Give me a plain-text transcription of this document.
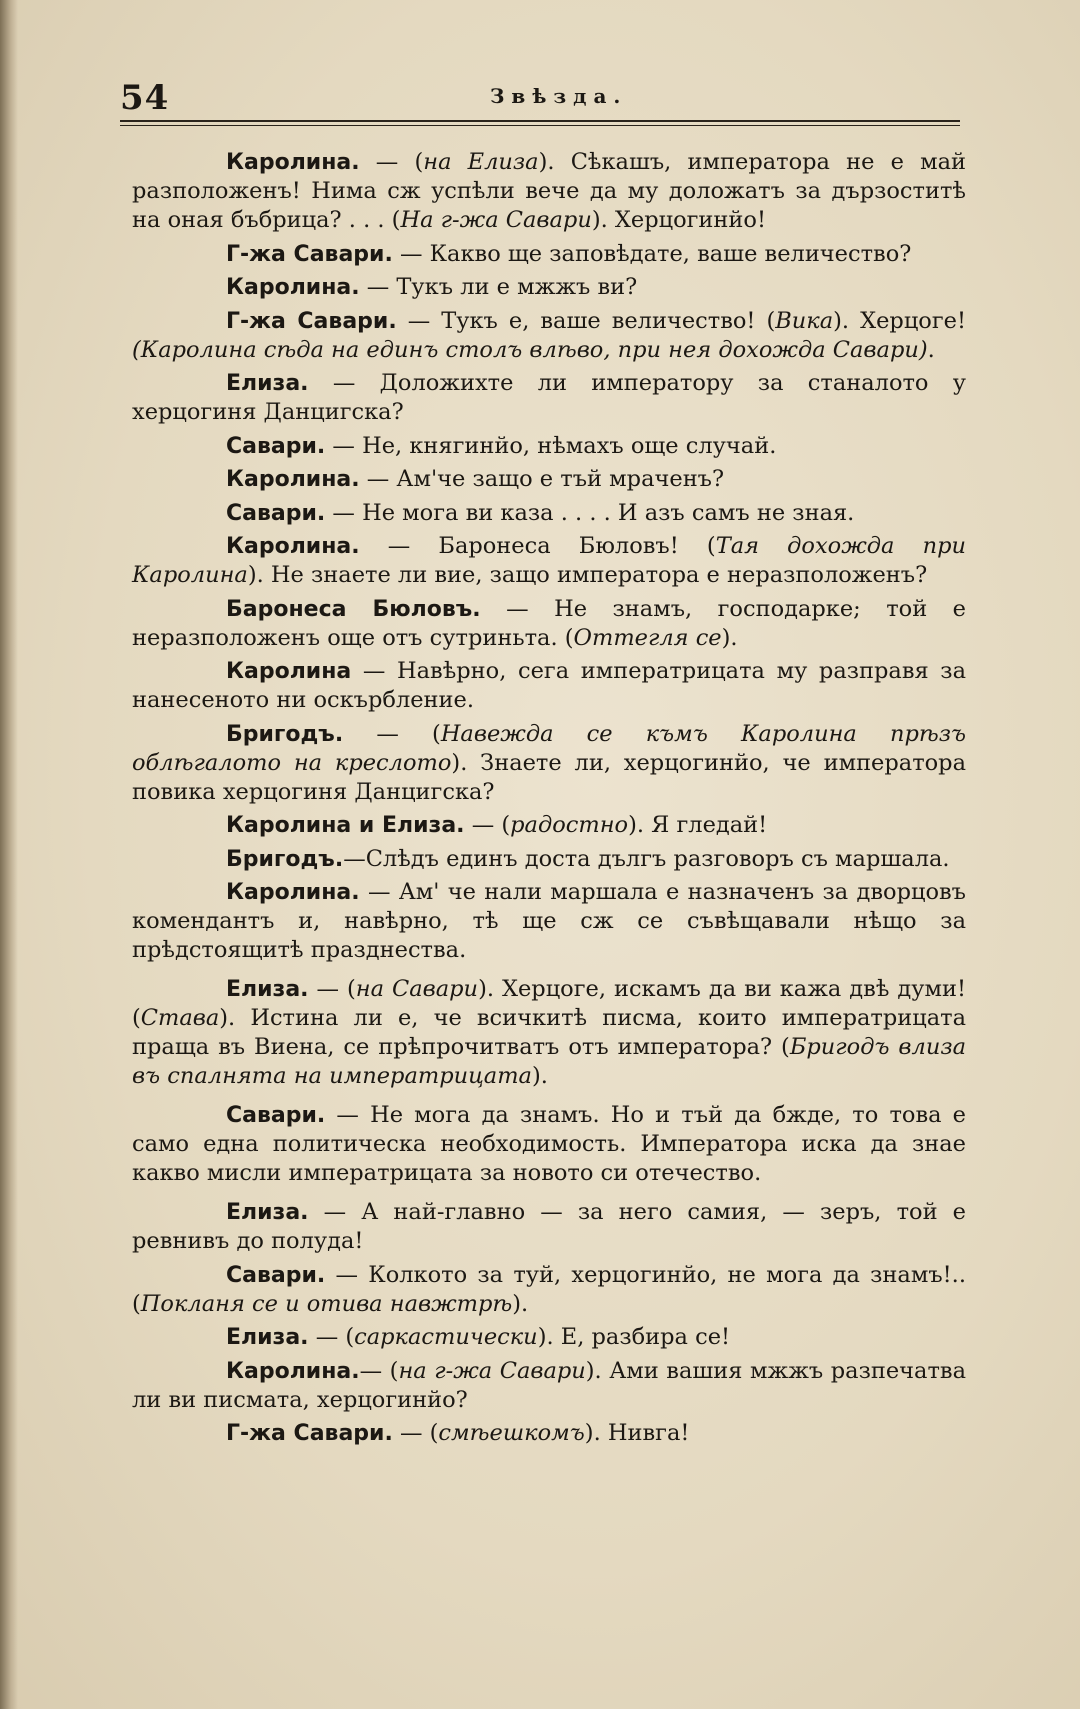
54	Звѣзда.

Каролина. — (на Елиза). Сѣкашъ, императора не е май разположенъ! Нима сж успѣли вече да му доложатъ за дързоститѣ на оная бъбрица? . . . (На г-жа Савари). Херцогинйо!

Г-жа Савари. — Какво ще заповѣдате, ваше величество?

Каролина. — Тукъ ли е мжжъ ви?

Г-жа Савари. — Тукъ е, ваше величество! (Вика). Херцоге! (Каролина сѣда на единъ столъ влѣво, при нея дохожда Савари).

Елиза. — Доложихте ли императору за станалото у херцогиня Данцигска?

Савари. — Не, княгинйо, нѣмахъ още случай.

Каролина. — Ам'че защо е тъй мраченъ?

Савари. — Не мога ви каза . . . . И азъ самъ не зная.

Каролина. — Баронеса Бюловъ! (Тая дохожда при Каролина). Не знаете ли вие, защо императора е неразположенъ?

Баронеса Бюловъ. — Не знамъ, господарке; той е неразположенъ още отъ сутриньта. (Оттегля се).

Каролина — Навѣрно, сега императрицата му разправя за нанесеното ни оскърбление.

Бригодъ. — (Навежда се къмъ Каролина прѣзъ облѣгалото на креслото). Знаете ли, херцогинйо, че императора повика херцогиня Данцигска?

Каролина и Елиза. — (радостно). Я гледай!

Бригодъ.—Слѣдъ единъ доста дългъ разговоръ съ маршала.

Каролина. — Ам' че нали маршала е назначенъ за дворцовъ комендантъ и, навѣрно, тѣ ще сж се съвѣщавали нѣщо за прѣдстоящитѣ празднества.

Елиза. — (на Савари). Херцоге, искамъ да ви кажа двѣ думи! (Става). Истина ли е, че всичкитѣ писма, които императрицата праща въ Виена, се прѣпрочитватъ отъ императора? (Бригодъ влиза въ спалнята на императрицата).

Савари. — Не мога да знамъ. Но и тъй да бжде, то това е само една политическа необходимость. Императора иска да знае какво мисли императрицата за новото си отечество.

Елиза. — А най-главно — за него самия, — зеръ, той е ревнивъ до полуда!

Савари. — Колкото за туй, херцогинйо, не мога да знамъ!.. (Покланя се и отива навжтрѣ).

Елиза. — (саркастически). Е, разбира се!

Каролина.— (на г-жа Савари). Ами вашия мжжъ разпечатва ли ви писмата, херцогинйо?

Г-жа Савари. — (смѣешкомъ). Нивга!
